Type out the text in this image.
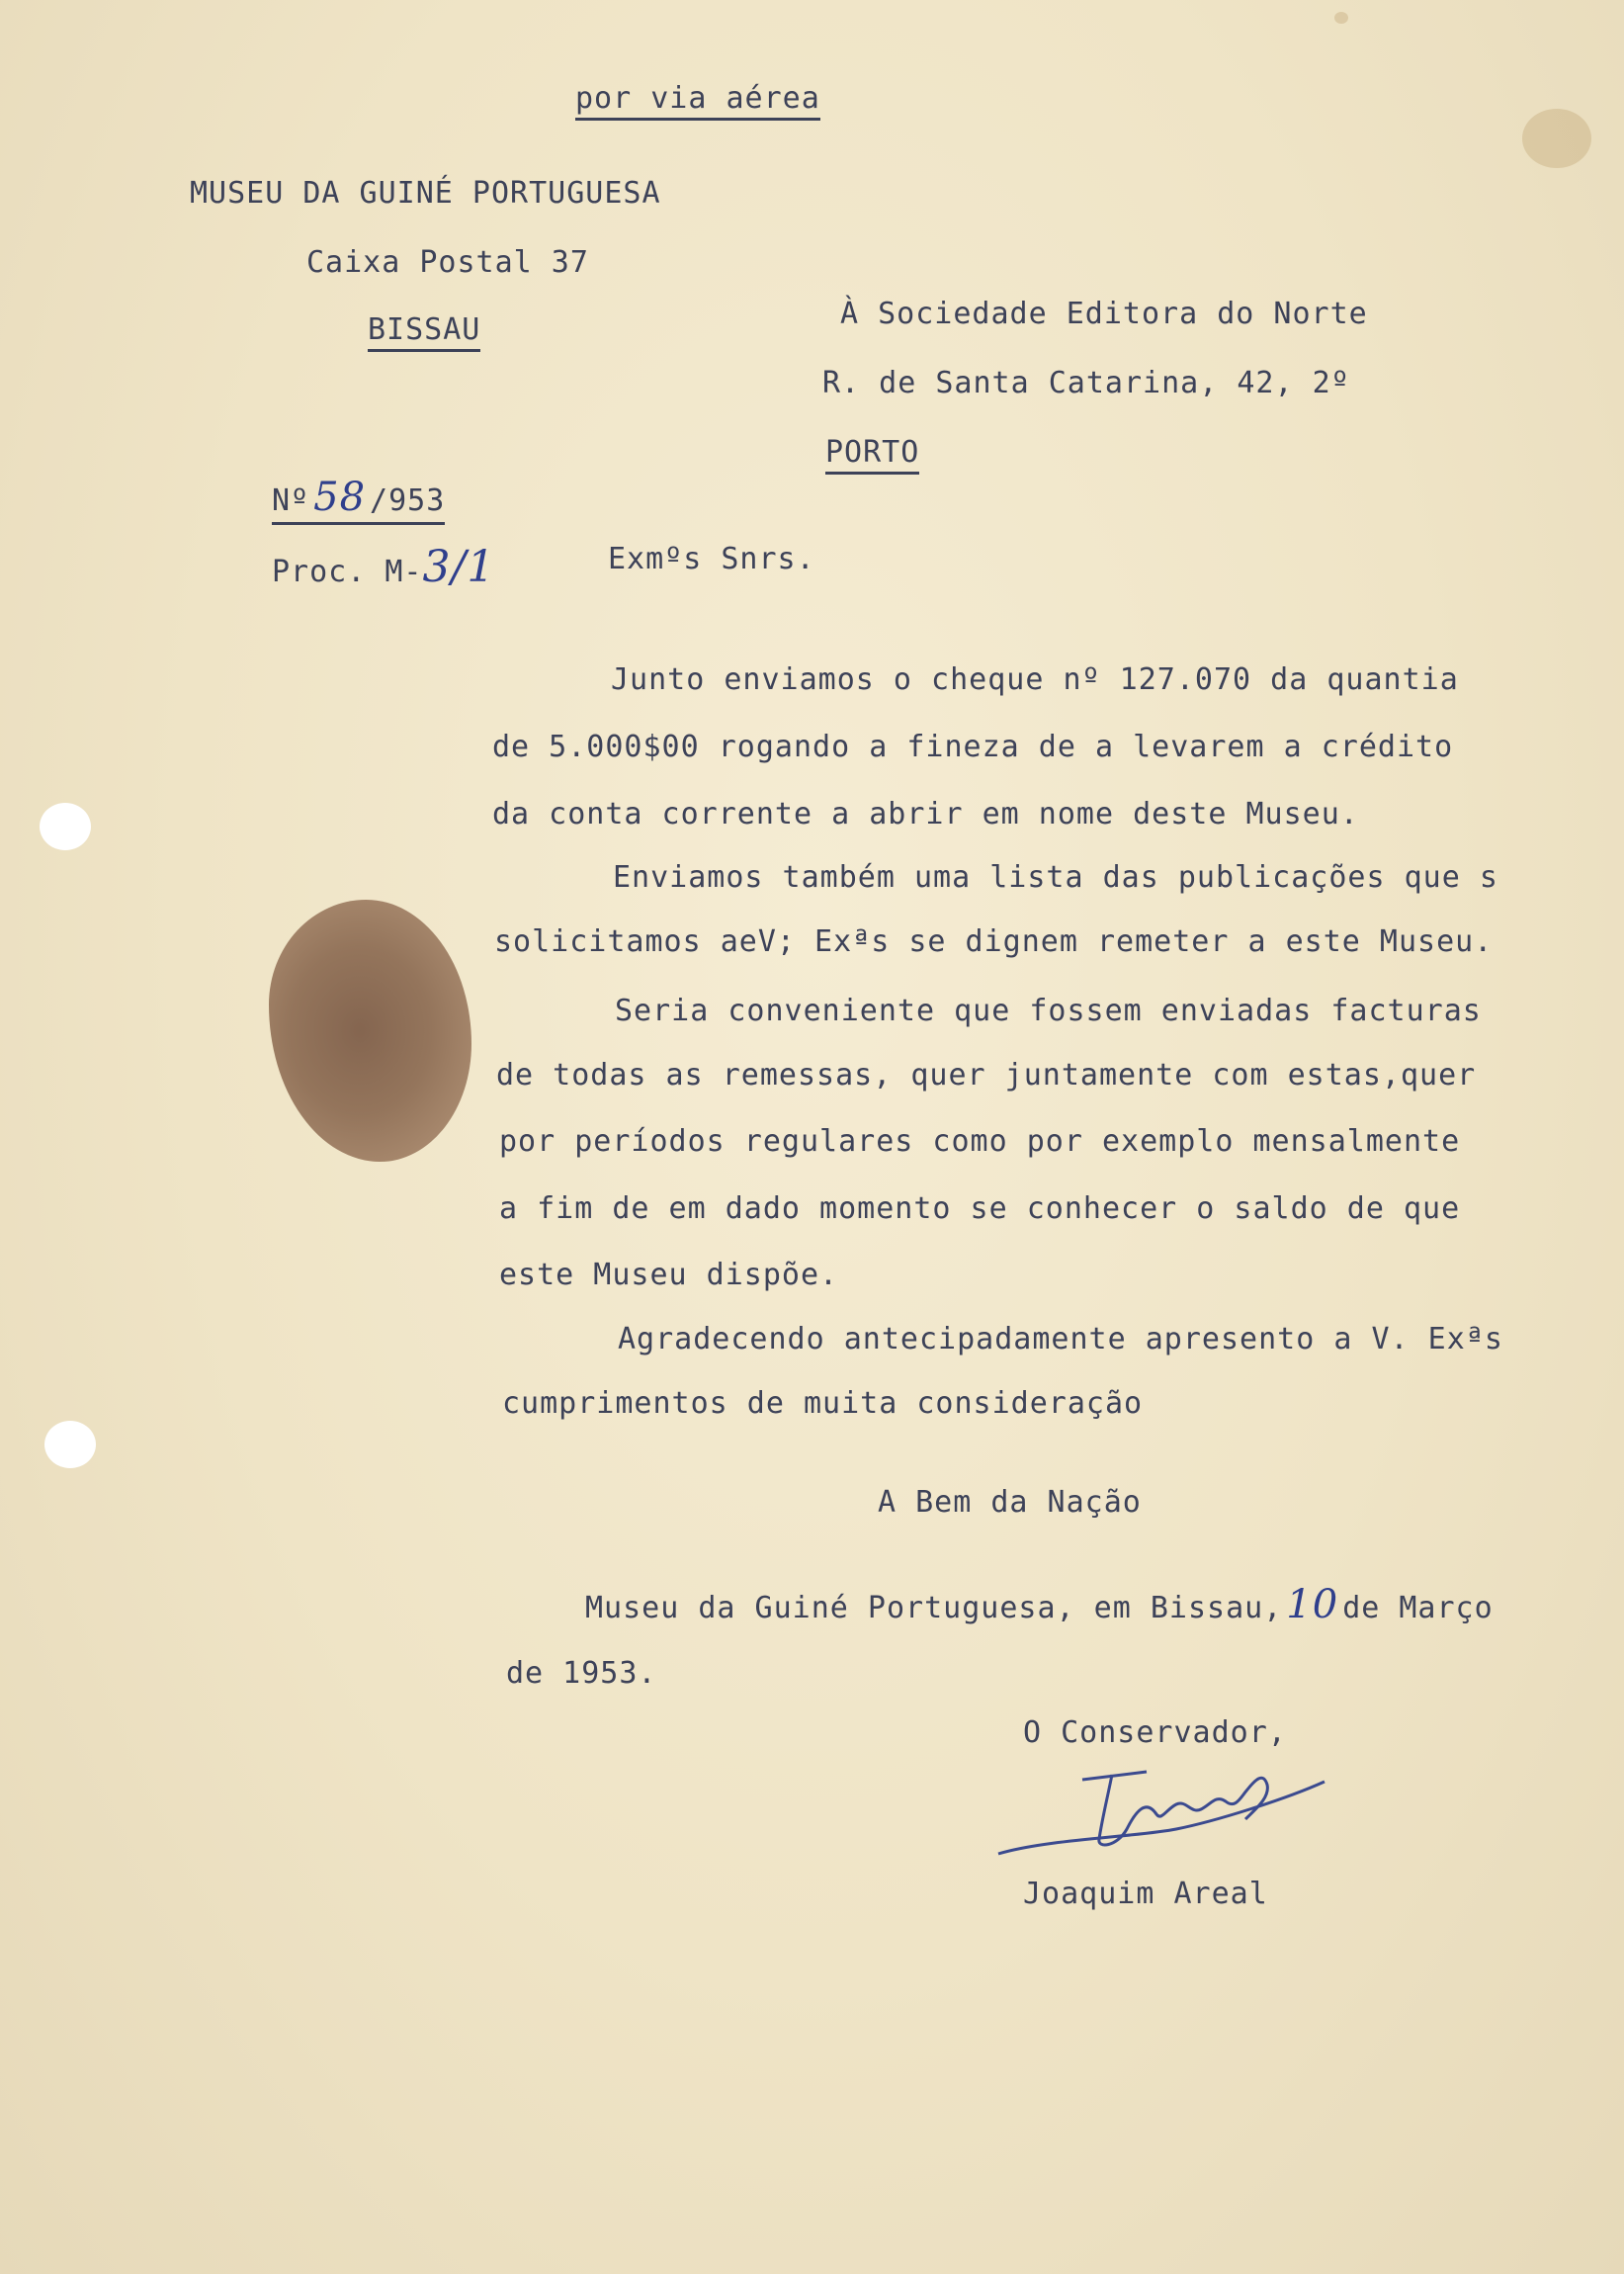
por via aérea
MUSEU DA GUINÉ PORTUGUESA
Caixa Postal 37
BISSAU	À Sociedade Editora do Norte
R. de Santa Catarina, 42, 2º
PORTO
Nº 58 /953
Proc. M-3/1	Exmºs Snrs.
Junto enviamos o cheque nº 127.070 da quantia
de 5.000$00 rogando a fineza de a levarem a crédito
da conta corrente a abrir em nome deste Museu.
Enviamos também uma lista das publicações que s
solicitamos aeV; Exªs se dignem remeter a este Museu.
Seria conveniente que fossem enviadas facturas
de todas as remessas, quer juntamente com estas,quer
por períodos regulares como por exemplo mensalmente
a fim de em dado momento se conhecer o saldo de que
este Museu dispõe.
Agradecendo antecipadamente apresento a V. Exªs
cumprimentos de muita consideração
A Bem da Nação
Museu da Guiné Portuguesa, em Bissau, 10 de Março
de 1953.
O Conservador,
Joaquim Areal
